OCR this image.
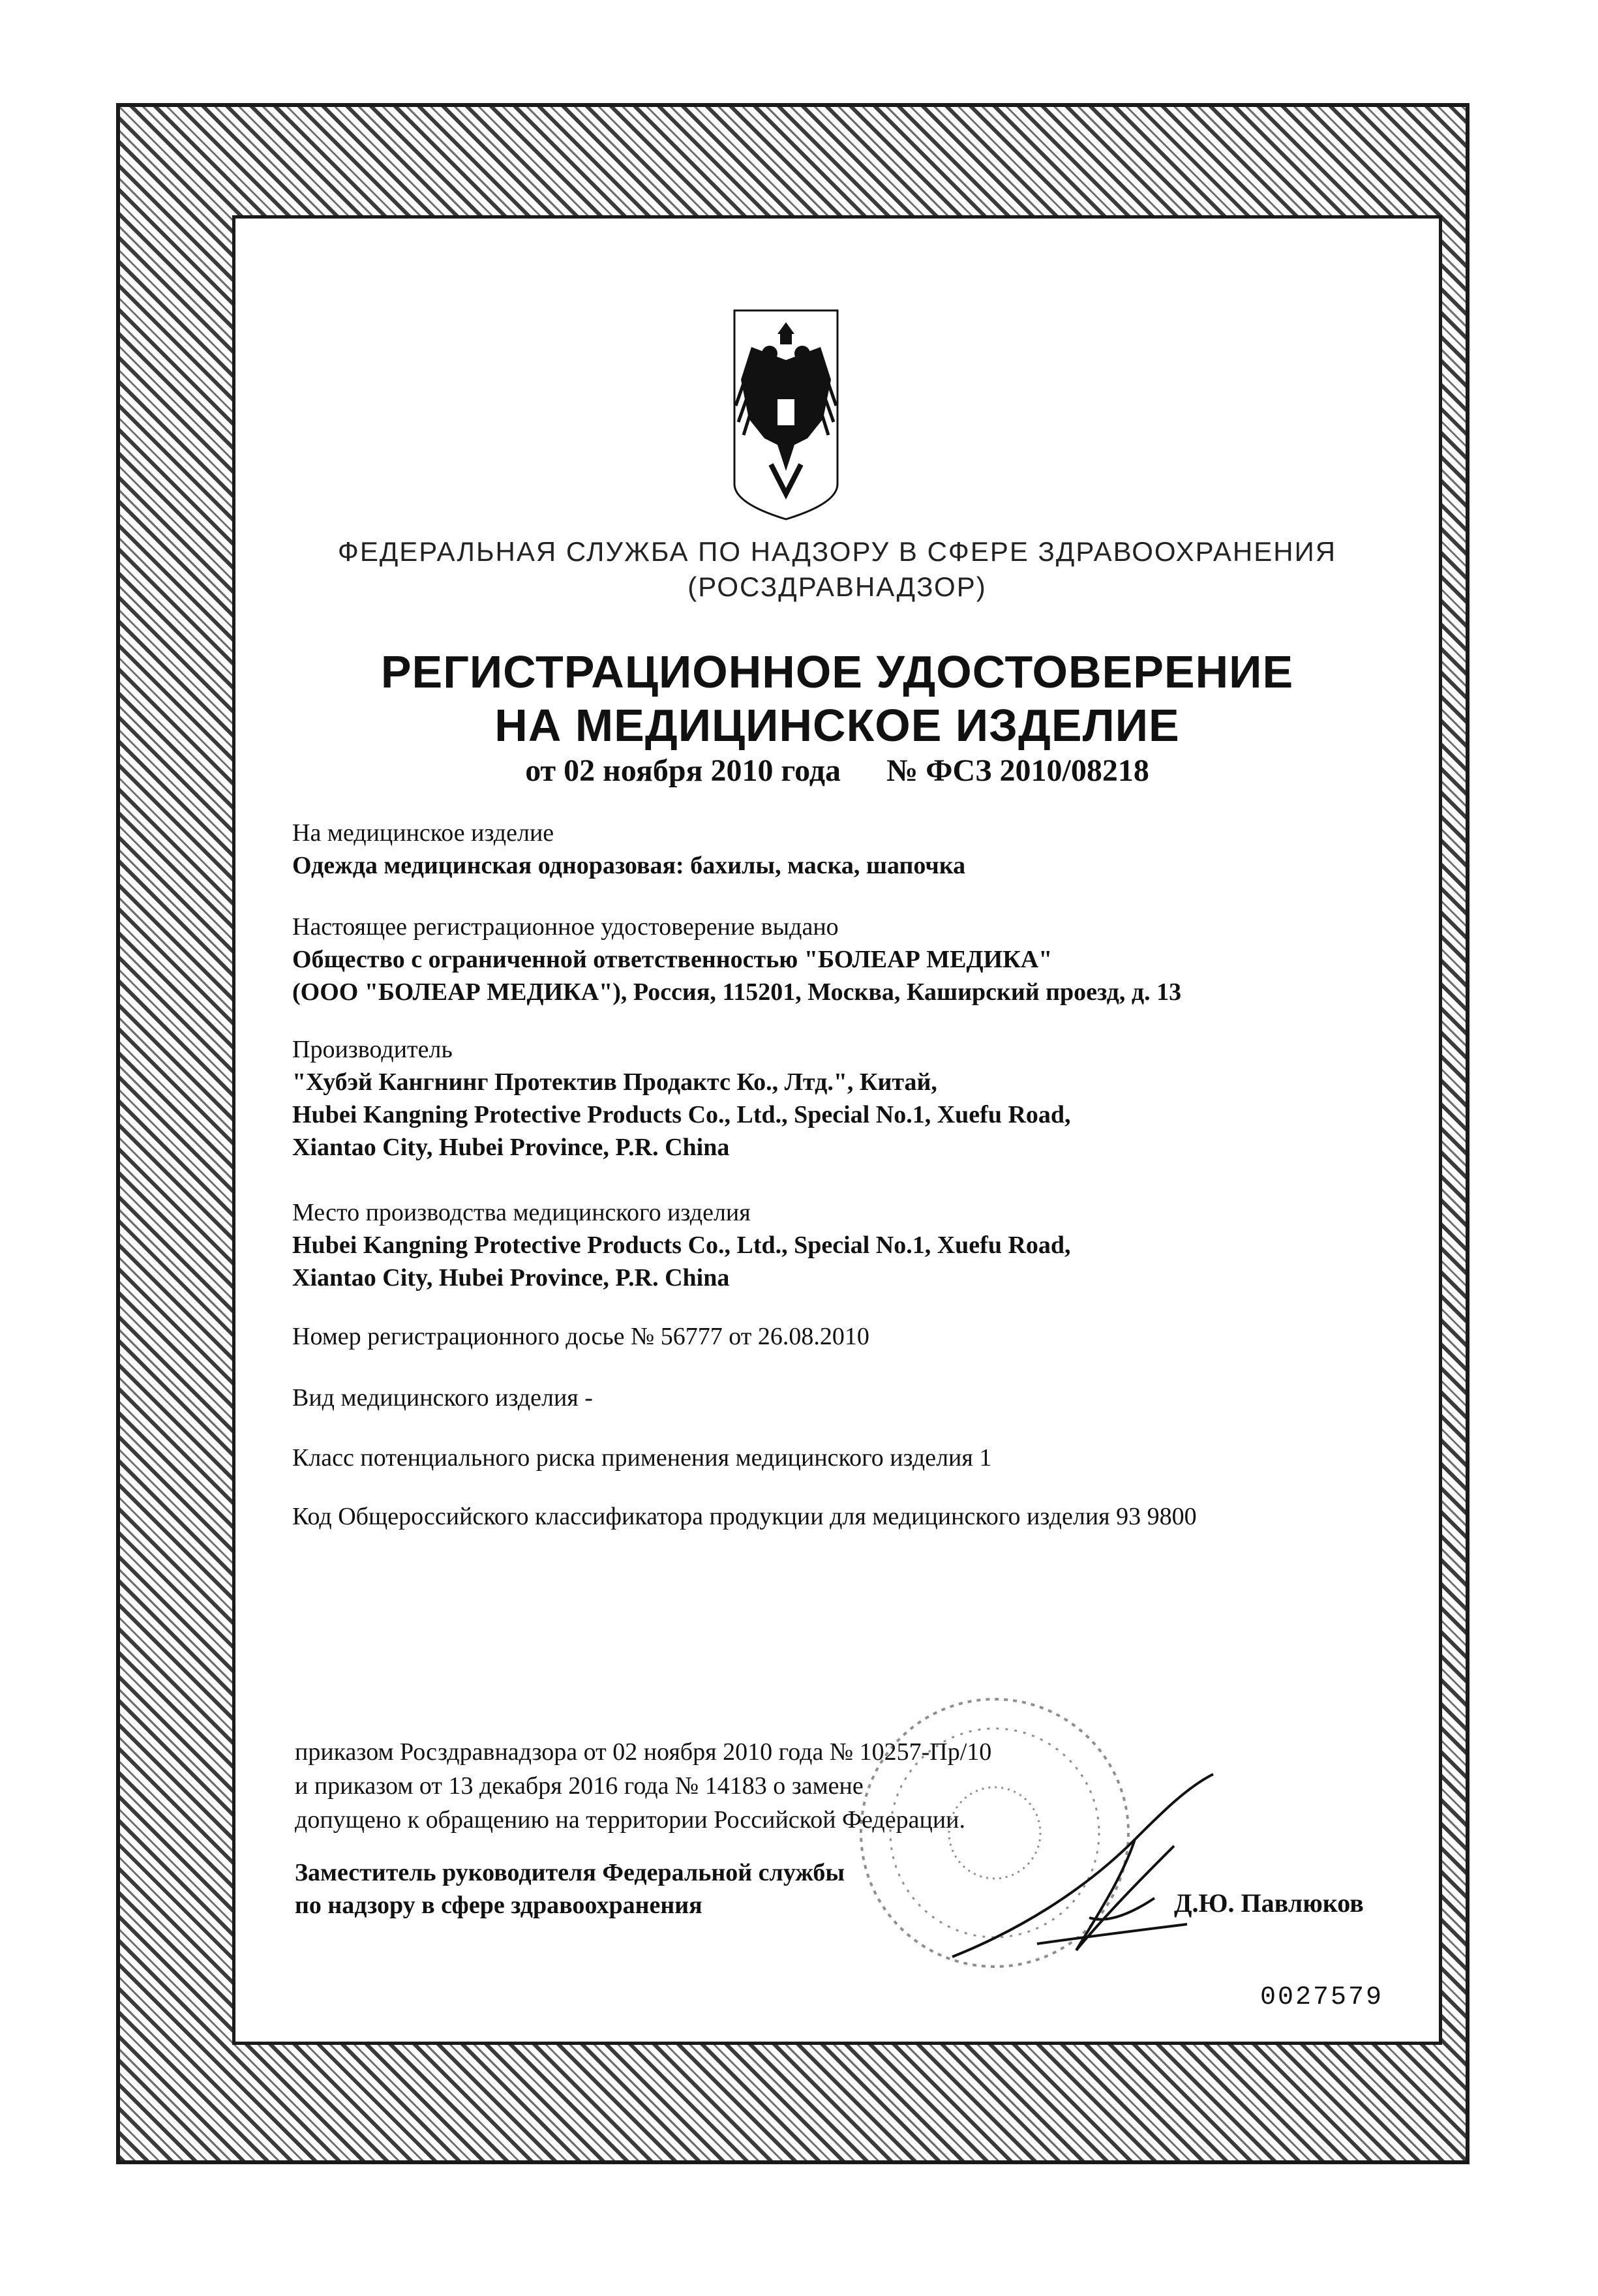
ФЕДЕРАЛЬНАЯ СЛУЖБА ПО НАДЗОРУ В СФЕРЕ ЗДРАВООХРАНЕНИЯ
(РОСЗДРАВНАДЗОР)
РЕГИСТРАЦИОННОЕ УДОСТОВЕРЕНИЕ
НА МЕДИЦИНСКОЕ ИЗДЕЛИЕ
от 02 ноября 2010 года № ФСЗ 2010/08218
На медицинское изделие
Одежда медицинская одноразовая: бахилы, маска, шапочка
Настоящее регистрационное удостоверение выдано
Общество с ограниченной ответственностью "БОЛЕАР МЕДИКА"
(ООО "БОЛЕАР МЕДИКА"), Россия, 115201, Москва, Каширский проезд, д. 13
Производитель
"Хубэй Кангнинг Протектив Продактс Ко., Лтд.", Китай,
Hubei Kangning Protective Products Co., Ltd., Special No.1, Xuefu Road,
Xiantao City, Hubei Province, P.R. China
Место производства медицинского изделия
Hubei Kangning Protective Products Co., Ltd., Special No.1, Xuefu Road,
Xiantao City, Hubei Province, P.R. China
Номер регистрационного досье № 56777 от 26.08.2010
Вид медицинского изделия -
Класс потенциального риска применения медицинского изделия 1
Код Общероссийского классификатора продукции для медицинского изделия 93 9800
приказом Росздравнадзора от 02 ноября 2010 года № 10257-Пр/10
и приказом от 13 декабря 2016 года № 14183 о замене
допущено к обращению на территории Российской Федерации.
Заместитель руководителя Федеральной службы
по надзору в сфере здравоохранения	Д.Ю. Павлюков
0027579
